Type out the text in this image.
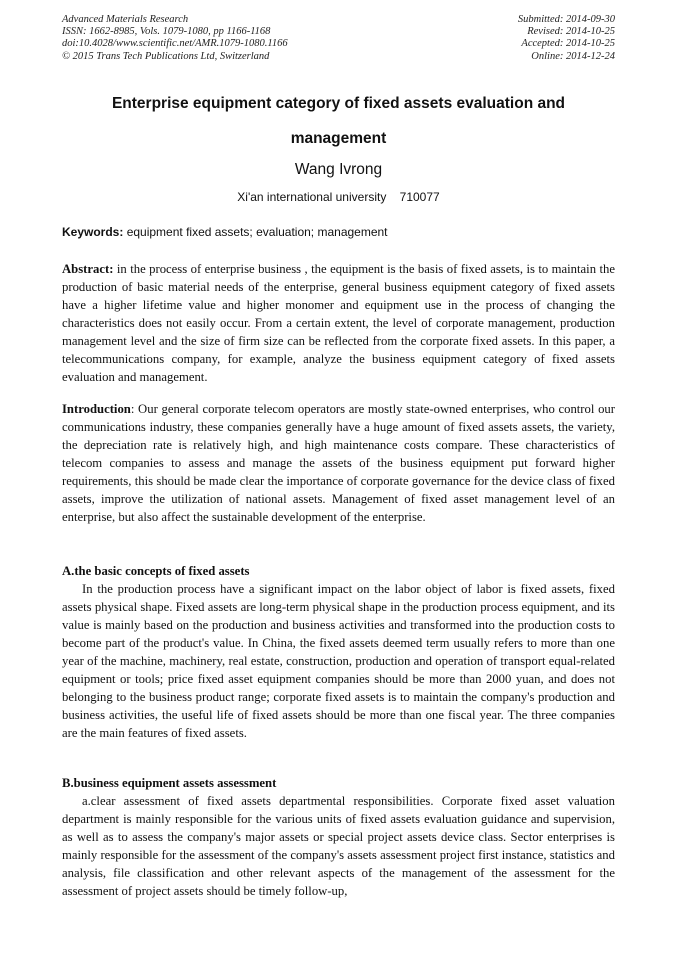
Advanced Materials Research
ISSN: 1662-8985, Vols. 1079-1080, pp 1166-1168
doi:10.4028/www.scientific.net/AMR.1079-1080.1166
© 2015 Trans Tech Publications Ltd, Switzerland
Submitted: 2014-09-30
Revised: 2014-10-25
Accepted: 2014-10-25
Online: 2014-12-24
Enterprise equipment category of fixed assets evaluation and
management
Wang Ivrong
Xi'an international university    710077
Keywords: equipment fixed assets; evaluation; management
Abstract: in the process of enterprise business , the equipment is the basis of fixed assets, is to maintain the production of basic material needs of the enterprise, general business equipment category of fixed assets have a higher lifetime value and higher monomer and equipment use in the process of changing the characteristics does not easily occur. From a certain extent, the level of corporate management, production management level and the size of firm size can be reflected from the corporate fixed assets. In this paper, a telecommunications company, for example, analyze the business equipment category of fixed assets evaluation and management.
Introduction: Our general corporate telecom operators are mostly state-owned enterprises, who control our communications industry, these companies generally have a huge amount of fixed assets assets, the variety, the depreciation rate is relatively high, and high maintenance costs compare. These characteristics of telecom companies to assess and manage the assets of the business equipment put forward higher requirements, this should be made clear the importance of corporate governance for the device class of fixed assets, improve the utilization of national assets. Management of fixed asset management level of an enterprise, but also affect the sustainable development of the enterprise.
A.the basic concepts of fixed assets
In the production process have a significant impact on the labor object of labor is fixed assets, fixed assets physical shape. Fixed assets are long-term physical shape in the production process equipment, and its value is mainly based on the production and business activities and transformed into the production costs to become part of the product's value. In China, the fixed assets deemed term usually refers to more than one year of the machine, machinery, real estate, construction, production and operation of transport equal-related equipment or tools; price fixed asset equipment companies should be more than 2000 yuan, and does not belonging to the business product range; corporate fixed assets is to maintain the company's production and business activities, the useful life of fixed assets should be more than one fiscal year. The three companies are the main features of fixed assets.
B.business equipment assets assessment
a.clear assessment of fixed assets departmental responsibilities. Corporate fixed asset valuation department is mainly responsible for the various units of fixed assets evaluation guidance and supervision, as well as to assess the company's major assets or special project assets device class. Sector enterprises is mainly responsible for the assessment of the company's assets assessment project first instance, statistics and analysis, file classification and other relevant aspects of the management of the assessment for the assessment of project assets should be timely follow-up,
